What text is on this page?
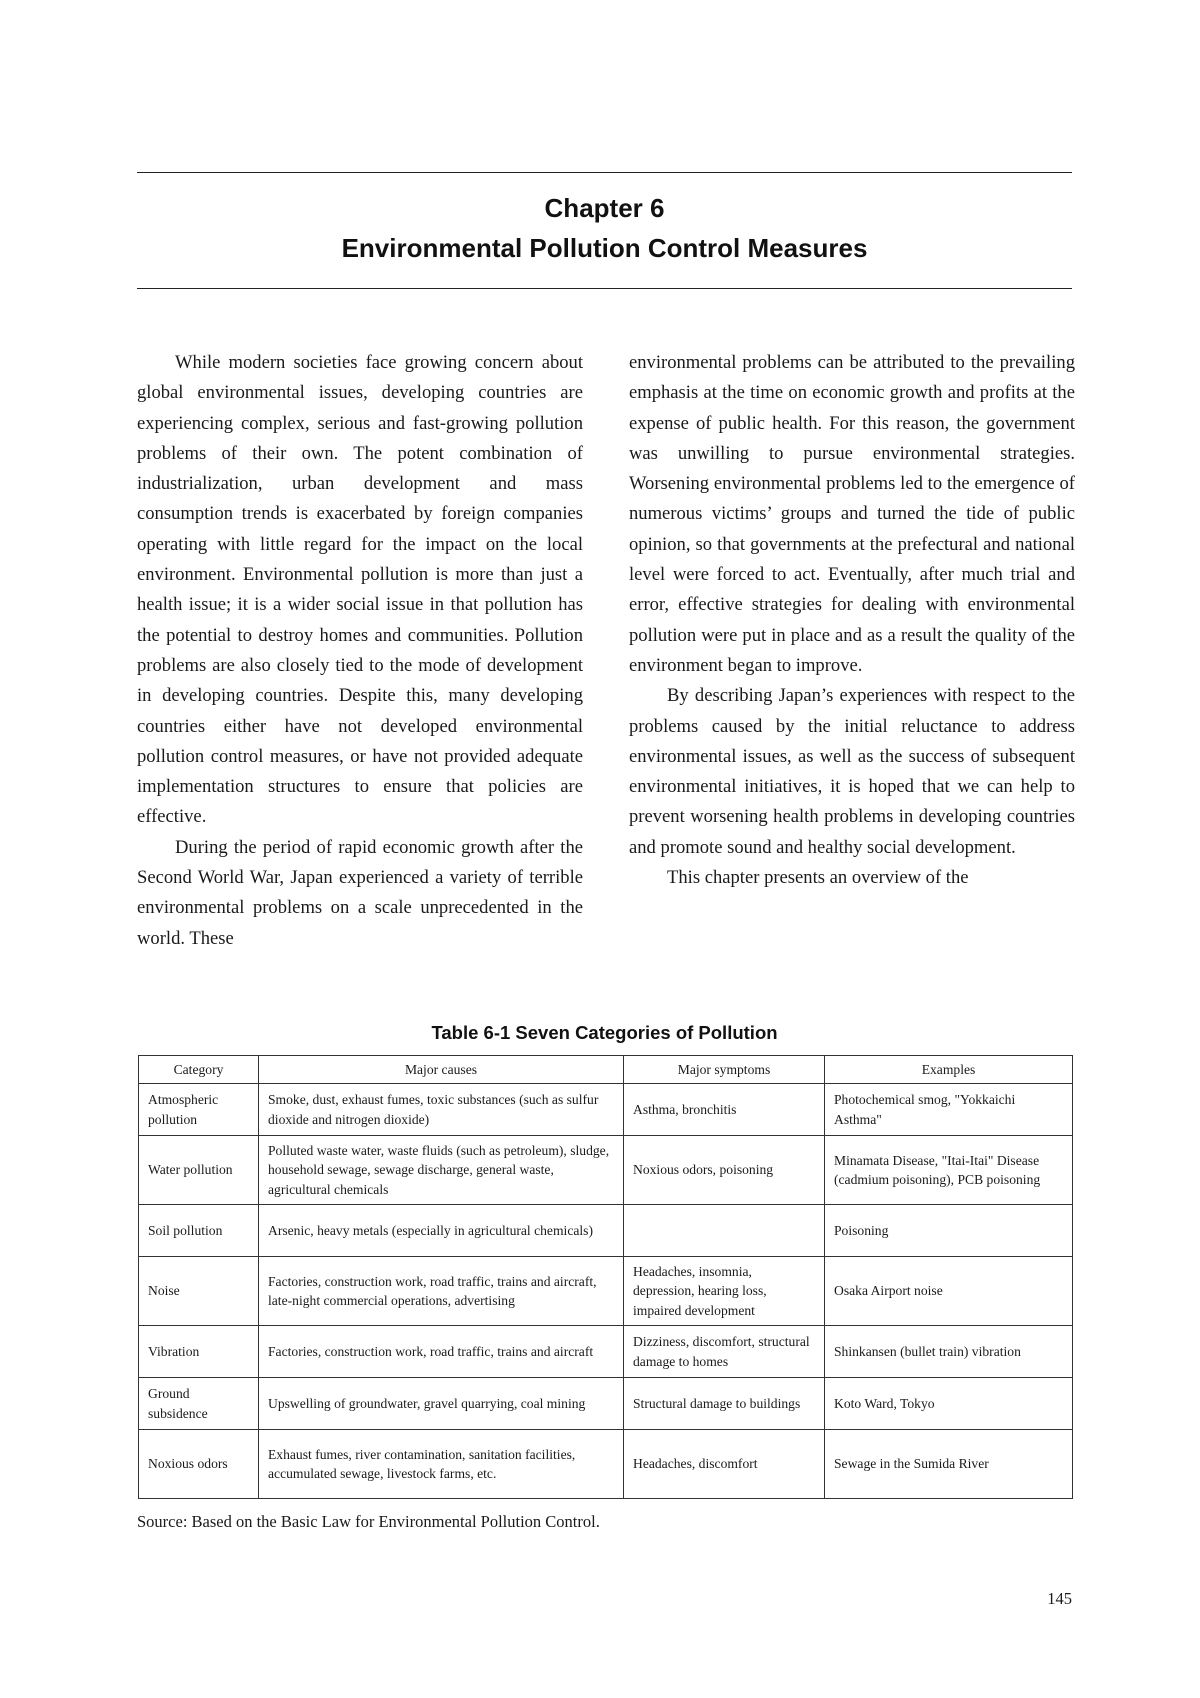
Chapter 6
Environmental Pollution Control Measures

While modern societies face growing concern about global environmental issues, developing countries are experiencing complex, serious and fast-growing pollution problems of their own. The potent combination of industrialization, urban development and mass consumption trends is exacerbated by foreign companies operating with little regard for the impact on the local environment. Environmental pollution is more than just a health issue; it is a wider social issue in that pollution has the potential to destroy homes and communities. Pollution problems are also closely tied to the mode of development in developing countries. Despite this, many developing countries either have not developed environmental pollution control measures, or have not provided adequate implementation structures to ensure that policies are effective.

During the period of rapid economic growth after the Second World War, Japan experienced a variety of terrible environmental problems on a scale unprecedented in the world. These

environmental problems can be attributed to the prevailing emphasis at the time on economic growth and profits at the expense of public health. For this reason, the government was unwilling to pursue environmental strategies. Worsening environmental problems led to the emergence of numerous victims’ groups and turned the tide of public opinion, so that governments at the prefectural and national level were forced to act. Eventually, after much trial and error, effective strategies for dealing with environmental pollution were put in place and as a result the quality of the environment began to improve.

By describing Japan’s experiences with respect to the problems caused by the initial reluctance to address environmental issues, as well as the success of subsequent environmental initiatives, it is hoped that we can help to prevent worsening health problems in developing countries and promote sound and healthy social development.

This chapter presents an overview of the

Table 6-1 Seven Categories of Pollution
Category	Major causes	Major symptoms	Examples
Atmospheric pollution	Smoke, dust, exhaust fumes, toxic substances (such as sulfur dioxide and nitrogen dioxide)	Asthma, bronchitis	Photochemical smog, "Yokkaichi Asthma"
Water pollution	Polluted waste water, waste fluids (such as petroleum), sludge, household sewage, sewage discharge, general waste, agricultural chemicals	Noxious odors, poisoning	Minamata Disease, "Itai-Itai" Disease (cadmium poisoning), PCB poisoning
Soil pollution	Arsenic, heavy metals (especially in agricultural chemicals)		Poisoning
Noise	Factories, construction work, road traffic, trains and aircraft, late-night commercial operations, advertising	Headaches, insomnia, depression, hearing loss, impaired development	Osaka Airport noise
Vibration	Factories, construction work, road traffic, trains and aircraft	Dizziness, discomfort, structural damage to homes	Shinkansen (bullet train) vibration
Ground subsidence	Upswelling of groundwater, gravel quarrying, coal mining	Structural damage to buildings	Koto Ward, Tokyo
Noxious odors	Exhaust fumes, river contamination, sanitation facilities, accumulated sewage, livestock farms, etc.	Headaches, discomfort	Sewage in the Sumida River
Source: Based on the Basic Law for Environmental Pollution Control.
145
